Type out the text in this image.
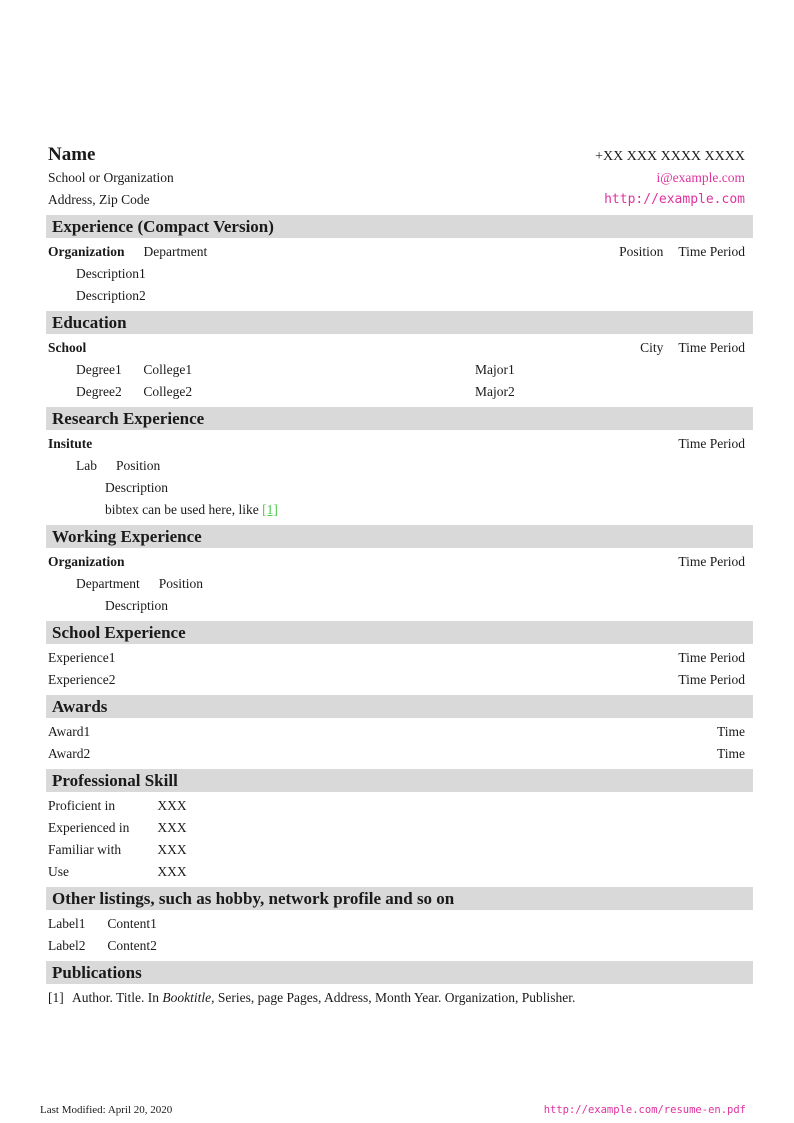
Name	+XX XXX XXXX XXXX
School or Organization	i@example.com
Address, Zip Code	http://example.com
Experience (Compact Version)
Organization Department	Position Time Period
Description1
Description2
Education
School	City Time Period
Degree1 College1	Major1
Degree2 College2	Major2
Research Experience
Insitute	Time Period
Lab Position
Description
bibtex can be used here, like [1]
Working Experience
Organization	Time Period
Department Position
Description
School Experience
Experience1	Time Period
Experience2	Time Period
Awards
Award1	Time
Award2	Time
Professional Skill
Proficient in	XXX
Experienced in XXX
Familiar with	XXX
Use	XXX
Other listings, such as hobby, network profile and so on
Label1 Content1
Label2 Content2
Publications
[1] Author. Title. In Booktitle, Series, page Pages, Address, Month Year. Organization, Publisher.
Last Modified: April 20, 2020	http://example.com/resume-en.pdf
